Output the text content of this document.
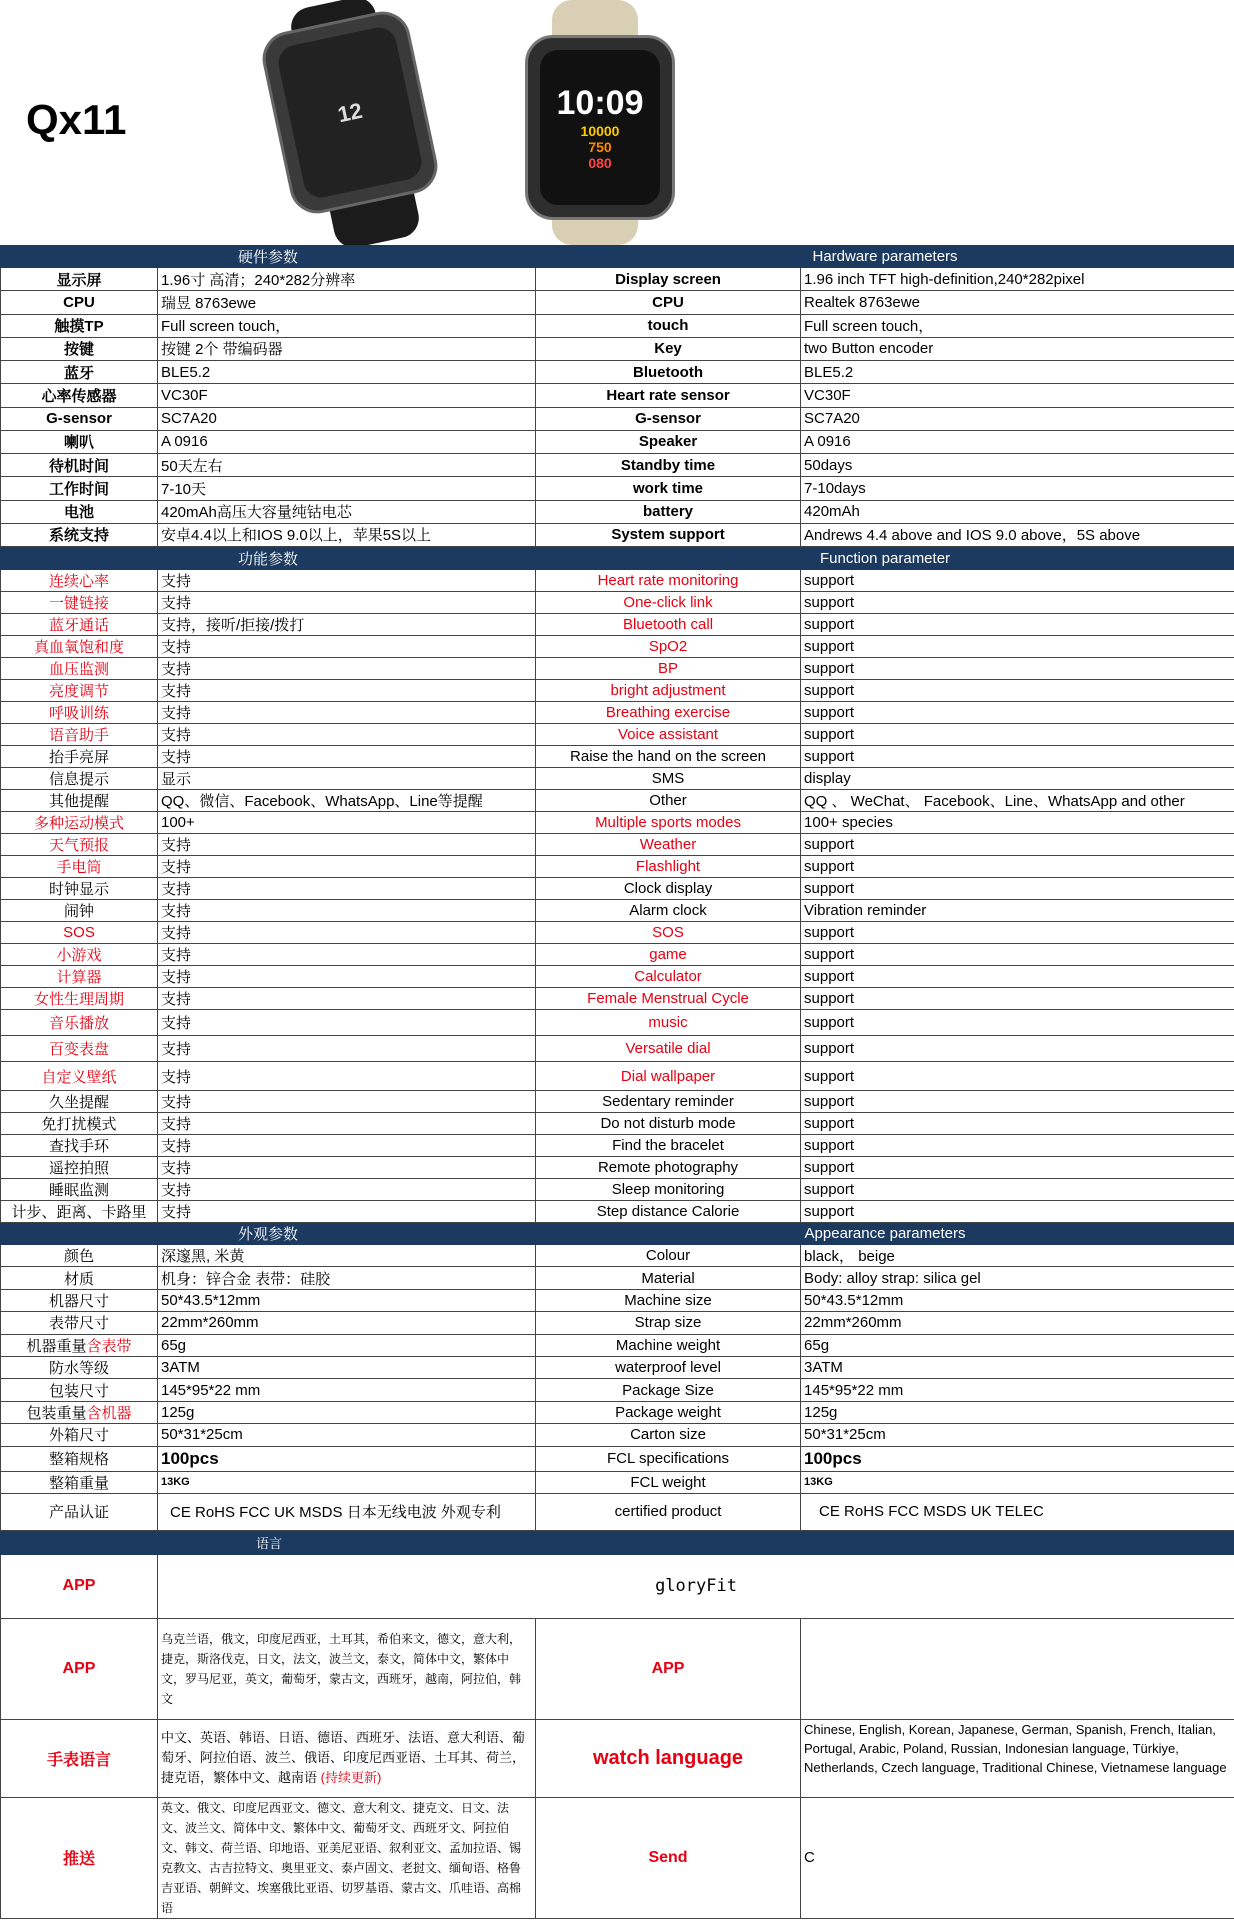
Qx11	12	10:09
10000
750
080
硬件参数		Hardware parameters	
显示屏	1.96寸 高清；240*282分辨率	Display screen	1.96 inch TFT high-definition,240*282pixel
CPU	瑞昱 8763ewe	CPU	Realtek 8763ewe
触摸TP	Full screen touch，	touch	Full screen touch，
按键	按键 2个 带编码器	Key	two Button encoder
蓝牙	BLE5.2	Bluetooth	BLE5.2
心率传感器	VC30F	Heart rate sensor	VC30F
G-sensor	SC7A20	G-sensor	SC7A20
喇叭	A 0916	Speaker	A 0916
待机时间	50天左右	Standby time	50days
工作时间	7-10天	work time	7-10days
电池	420mAh高压大容量纯钴电芯	battery	420mAh
系统支持	安卓4.4以上和IOS 9.0以上，苹果5S以上	System support	Andrews 4.4 above and IOS 9.0 above，5S above
功能参数		Function parameter	
连续心率	支持	Heart rate monitoring	support
一键链接	支持	One-click link	support
蓝牙通话	支持，接听/拒接/拨打	Bluetooth call	support
真血氧饱和度	支持	SpO2	support
血压监测	支持	BP	support
亮度调节	支持	bright adjustment	support
呼吸训练	支持	Breathing exercise	support
语音助手	支持	Voice assistant	support
抬手亮屏	支持	Raise the hand on the screen	support
信息提示	显示	SMS	display
其他提醒	QQ、微信、Facebook、WhatsApp、Line等提醒	Other	QQ 、 WeChat、 Facebook、Line、WhatsApp and other
多种运动模式	100+	Multiple sports modes	100+ species
天气预报	支持	Weather	support
手电筒	支持	Flashlight	support
时钟显示	支持	Clock display	support
闹钟	支持	Alarm clock	Vibration reminder
SOS	支持	SOS	support
小游戏	支持	game	support
计算器	支持	Calculator	support
女性生理周期	支持	Female Menstrual Cycle	support
音乐播放	支持	music	support
百变表盘	支持	Versatile dial	support
自定义壁纸	支持	Dial wallpaper	support
久坐提醒	支持	Sedentary reminder	support
免打扰模式	支持	Do not disturb mode	support
查找手环	支持	Find the bracelet	support
遥控拍照	支持	Remote photography	support
睡眠监测	支持	Sleep monitoring	support
计步、距离、卡路里	支持	Step distance Calorie	support
外观参数		Appearance parameters	
颜色	深邃黑, 米黄	Colour	black， beige
材质	机身：锌合金 表带：硅胶	Material	Body: alloy strap: silica gel
机器尺寸	50*43.5*12mm	Machine size	50*43.5*12mm
表带尺寸	22mm*260mm	Strap size	22mm*260mm
机器重量含表带	65g	Machine weight	65g
防水等级	3ATM	waterproof level	3ATM
包装尺寸	145*95*22 mm	Package Size	145*95*22 mm
包装重量含机器	125g	Package weight	125g
外箱尺寸	50*31*25cm	Carton size	50*31*25cm
整箱规格	100pcs	FCL specifications	100pcs
整箱重量	13KG	FCL weight	13KG
产品认证	CE RoHS FCC UK MSDS 日本无线电波 外观专利	certified product	CE RoHS FCC MSDS UK TELEC
语言			
APP	gloryFit		
APP	乌克兰语，俄文，印度尼西亚，土耳其，希伯来文，德文，意大利，捷克，斯洛伐克，日文，法文，波兰文，泰文，简体中文，繁体中文，罗马尼亚，英文，葡萄牙，蒙古文，西班牙，越南，阿拉伯，韩文	APP	
手表语言	中文、英语、韩语、日语、德语、西班牙、法语、意大利语、葡萄牙、阿拉伯语、波兰、俄语、印度尼西亚语、土耳其、荷兰，捷克语，繁体中文、越南语 (持续更新)	watch language	Chinese, English, Korean, Japanese, German, Spanish, French, Italian, Portugal, Arabic, Poland, Russian, Indonesian language, Türkiye, Netherlands, Czech language, Traditional Chinese, Vietnamese language
推送	英文、俄文、印度尼西亚文、德文、意大利文、捷克文、日文、法文、波兰文、简体中文、繁体中文、葡萄牙文、西班牙文、阿拉伯文、韩文、荷兰语、印地语、亚美尼亚语、叙利亚文、孟加拉语、锡克教文、古吉拉特文、奥里亚文、泰卢固文、老挝文、缅甸语、格鲁吉亚语、朝鲜文、埃塞俄比亚语、切罗基语、蒙古文、爪哇语、高棉语	Send	C
